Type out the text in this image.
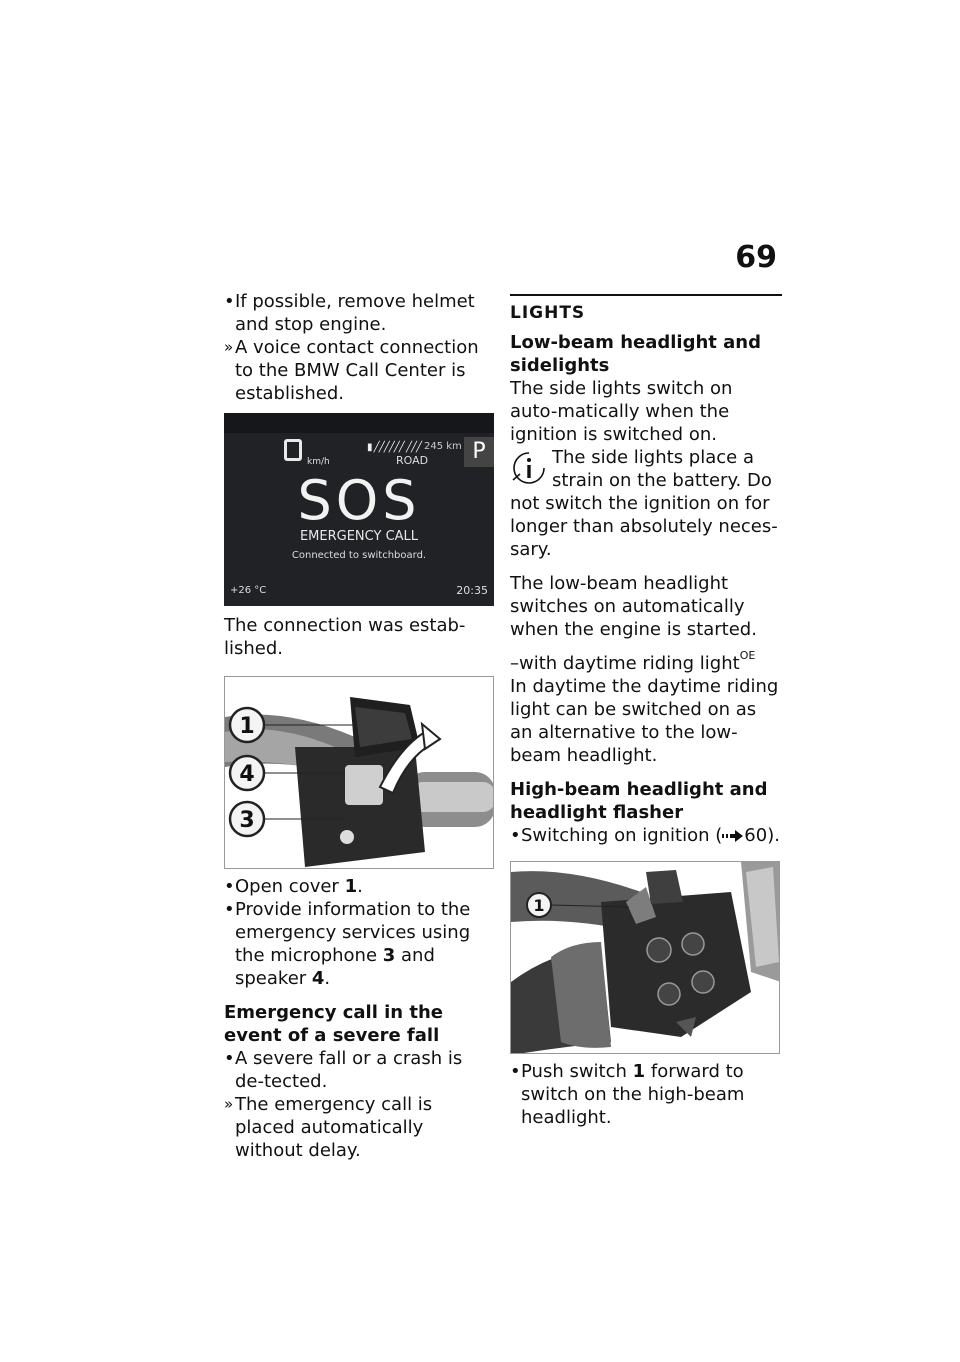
69

• If possible, remove helmet and stop engine.

» A voice contact connection to the BMW Call Center is established.

km/h
▮ ╱╱╱╱╱╱ ╱╱╱ 245 km
ROAD	P
SOS
EMERGENCY CALL
Connected to switchboard.
+26 °C	20:35

The connection was estab-lished.

1
4
3

• Open cover 1.

• Provide information to the emergency services using the microphone 3 and speaker 4.

Emergency call in the event of a severe fall

• A severe fall or a crash is de-tected.

» The emergency call is placed automatically without delay.

LIGHTS

Low-beam headlight and sidelights

The side lights switch on auto-matically when the ignition is switched on.

The side lights place a

strain on the battery. Do

not switch the ignition on for longer than absolutely neces-sary.

The low-beam headlight switches on automatically when the engine is started.

–with daytime riding light$^{OE}$

In daytime the daytime riding light can be switched on as an alternative to the low-beam headlight.

High-beam headlight and headlight flasher

• Switching on ignition ( 60).

1

• Push switch 1 forward to switch on the high-beam headlight.
